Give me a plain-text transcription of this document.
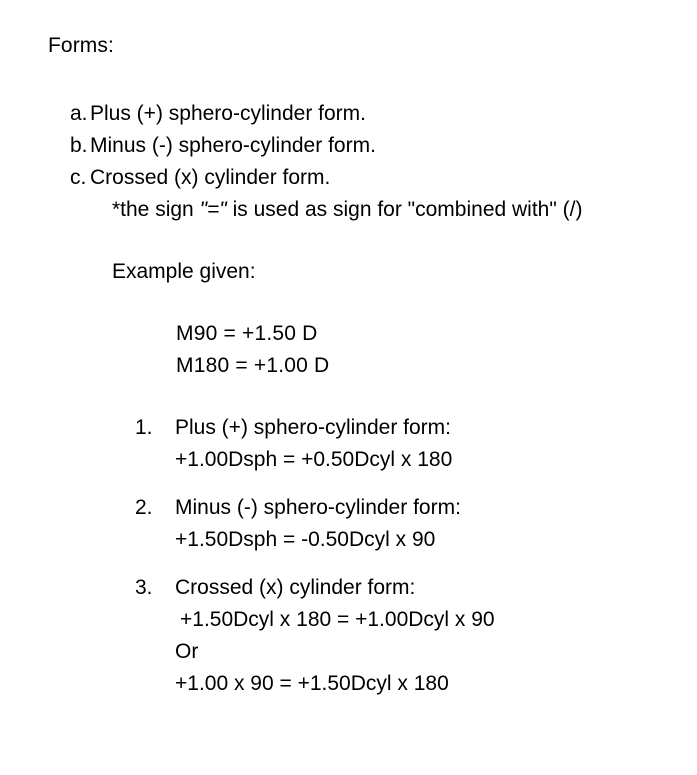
Forms:
a. Plus (+) sphero-cylinder form.
b. Minus (-) sphero-cylinder form.
c. Crossed (x) cylinder form.
*the sign "=" is used as sign for "combined with" (/)
Example given:
M90 = +1.50 D
M180 = +1.00 D
1.	Plus (+) sphero-cylinder form:
+1.00Dsph = +0.50Dcyl x 180
2.	Minus (-) sphero-cylinder form:
+1.50Dsph = -0.50Dcyl x 90
3.	Crossed (x) cylinder form:
+1.50Dcyl x 180 = +1.00Dcyl x 90
Or
+1.00 x 90 = +1.50Dcyl x 180
